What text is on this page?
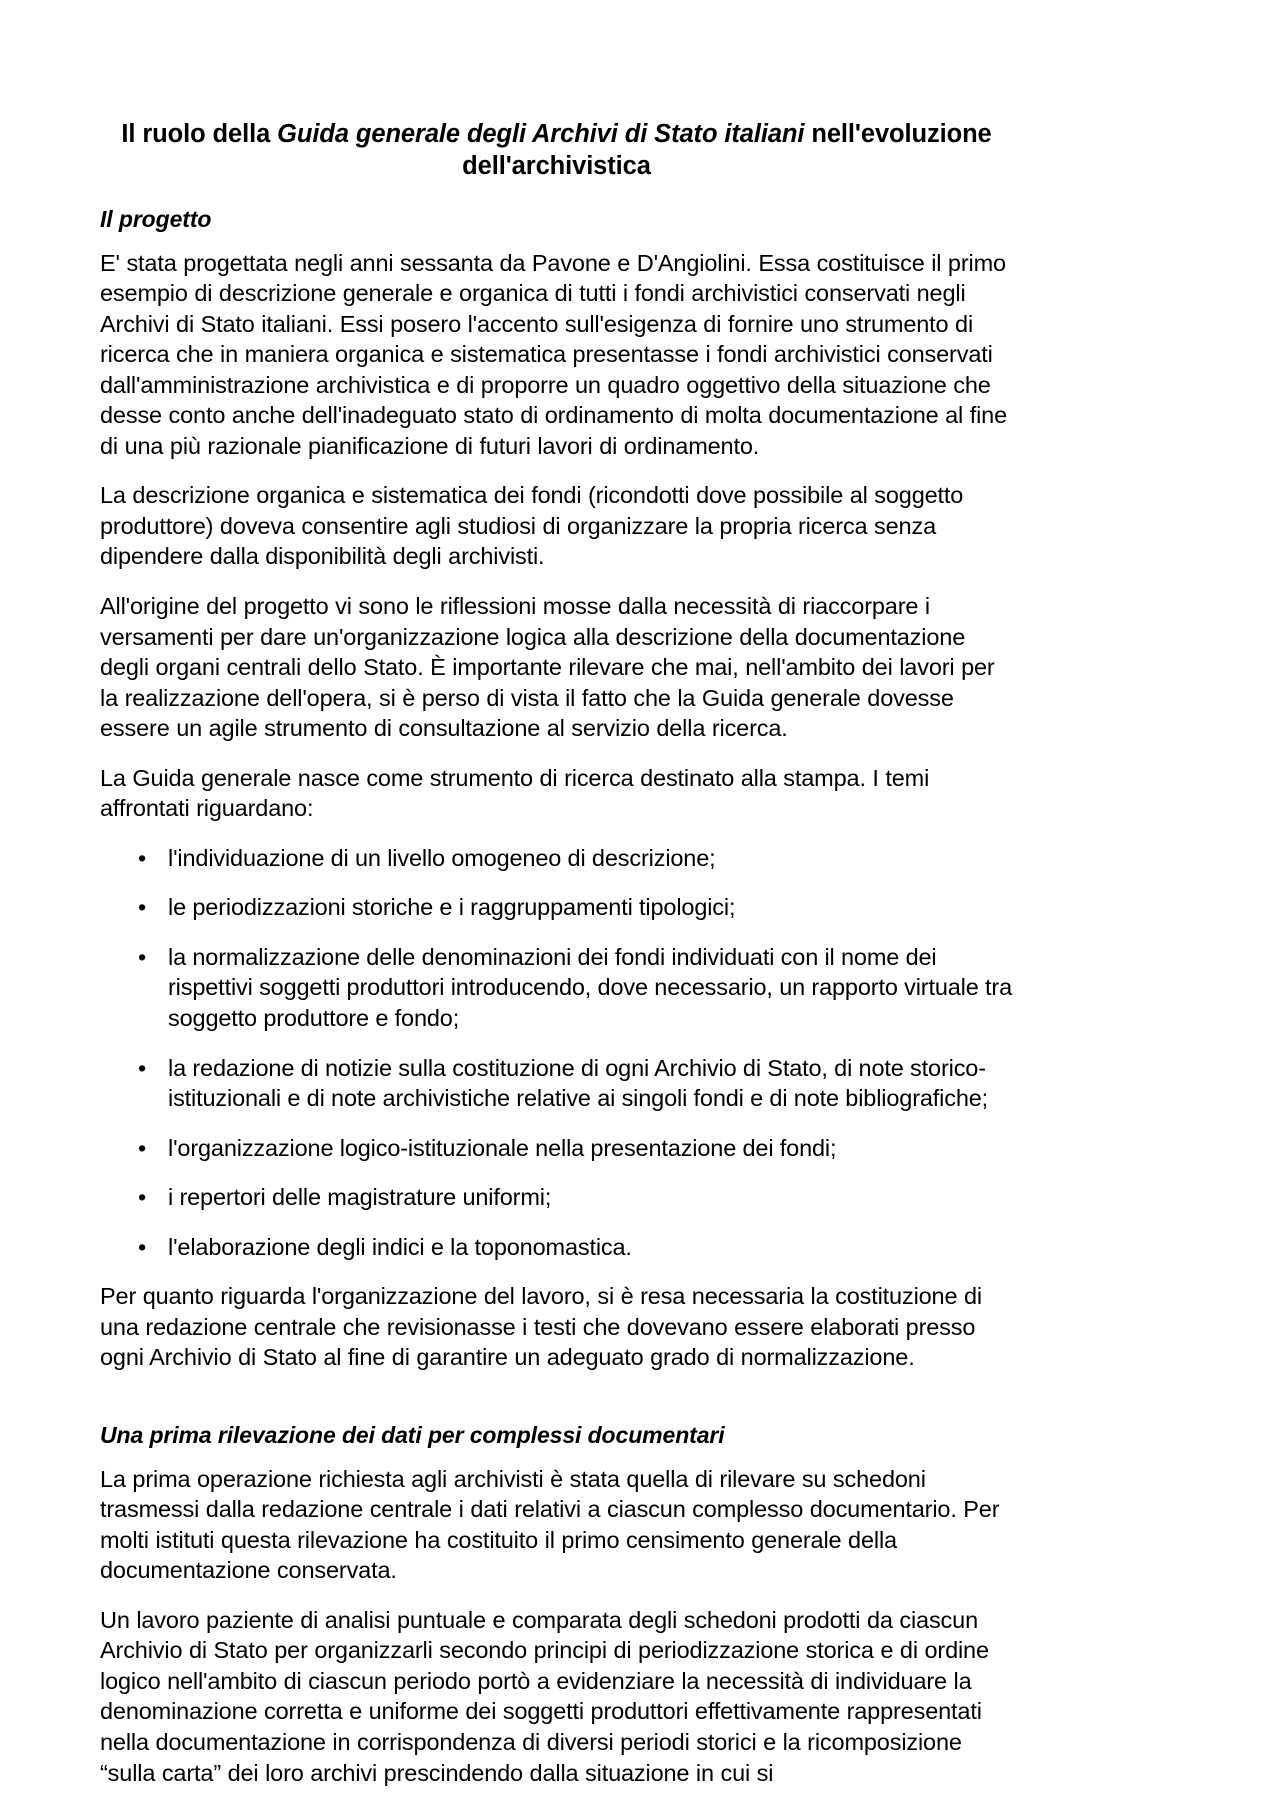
Il ruolo della Guida generale degli Archivi di Stato italiani nell'evoluzione dell'archivistica
Il progetto

E' stata progettata negli anni sessanta da Pavone e D'Angiolini. Essa costituisce il primo esempio di descrizione generale e organica di tutti i fondi archivistici conservati negli Archivi di Stato italiani. Essi posero l'accento sull'esigenza di fornire uno strumento di ricerca che in maniera organica e sistematica presentasse i fondi archivistici conservati dall'amministrazione archivistica e di proporre un quadro oggettivo della situazione che desse conto anche dell'inadeguato stato di ordinamento di molta documentazione al fine di una più razionale pianificazione di futuri lavori di ordinamento.

La descrizione organica e sistematica dei fondi (ricondotti dove possibile al soggetto produttore) doveva consentire agli studiosi di organizzare la propria ricerca senza dipendere dalla disponibilità degli archivisti.

All'origine del progetto vi sono le riflessioni mosse dalla necessità di riaccorpare i versamenti per dare un'organizzazione logica alla descrizione della documentazione degli organi centrali dello Stato. È importante rilevare che mai, nell'ambito dei lavori per la realizzazione dell'opera, si è perso di vista il fatto che la Guida generale dovesse essere un agile strumento di consultazione al servizio della ricerca.

La Guida generale nasce come strumento di ricerca destinato alla stampa. I temi affrontati riguardano:

• l'individuazione di un livello omogeneo di descrizione;
• le periodizzazioni storiche e i raggruppamenti tipologici;
• la normalizzazione delle denominazioni dei fondi individuati con il nome dei rispettivi soggetti produttori introducendo, dove necessario, un rapporto virtuale tra soggetto produttore e fondo;
• la redazione di notizie sulla costituzione di ogni Archivio di Stato, di note storico-istituzionali e di note archivistiche relative ai singoli fondi e di note bibliografiche;
• l'organizzazione logico-istituzionale nella presentazione dei fondi;
• i repertori delle magistrature uniformi;
• l'elaborazione degli indici e la toponomastica.

Per quanto riguarda l'organizzazione del lavoro, si è resa necessaria la costituzione di una redazione centrale che revisionasse i testi che dovevano essere elaborati presso ogni Archivio di Stato al fine di garantire un adeguato grado di normalizzazione.

Una prima rilevazione dei dati per complessi documentari

La prima operazione richiesta agli archivisti è stata quella di rilevare su schedoni trasmessi dalla redazione centrale i dati relativi a ciascun complesso documentario. Per molti istituti questa rilevazione ha costituito il primo censimento generale della documentazione conservata.

Un lavoro paziente di analisi puntuale e comparata degli schedoni prodotti da ciascun Archivio di Stato per organizzarli secondo principi di periodizzazione storica e di ordine logico nell'ambito di ciascun periodo portò a evidenziare la necessità di individuare la denominazione corretta e uniforme dei soggetti produttori effettivamente rappresentati nella documentazione in corrispondenza di diversi periodi storici e la ricomposizione “sulla carta” dei loro archivi prescindendo dalla situazione in cui si
